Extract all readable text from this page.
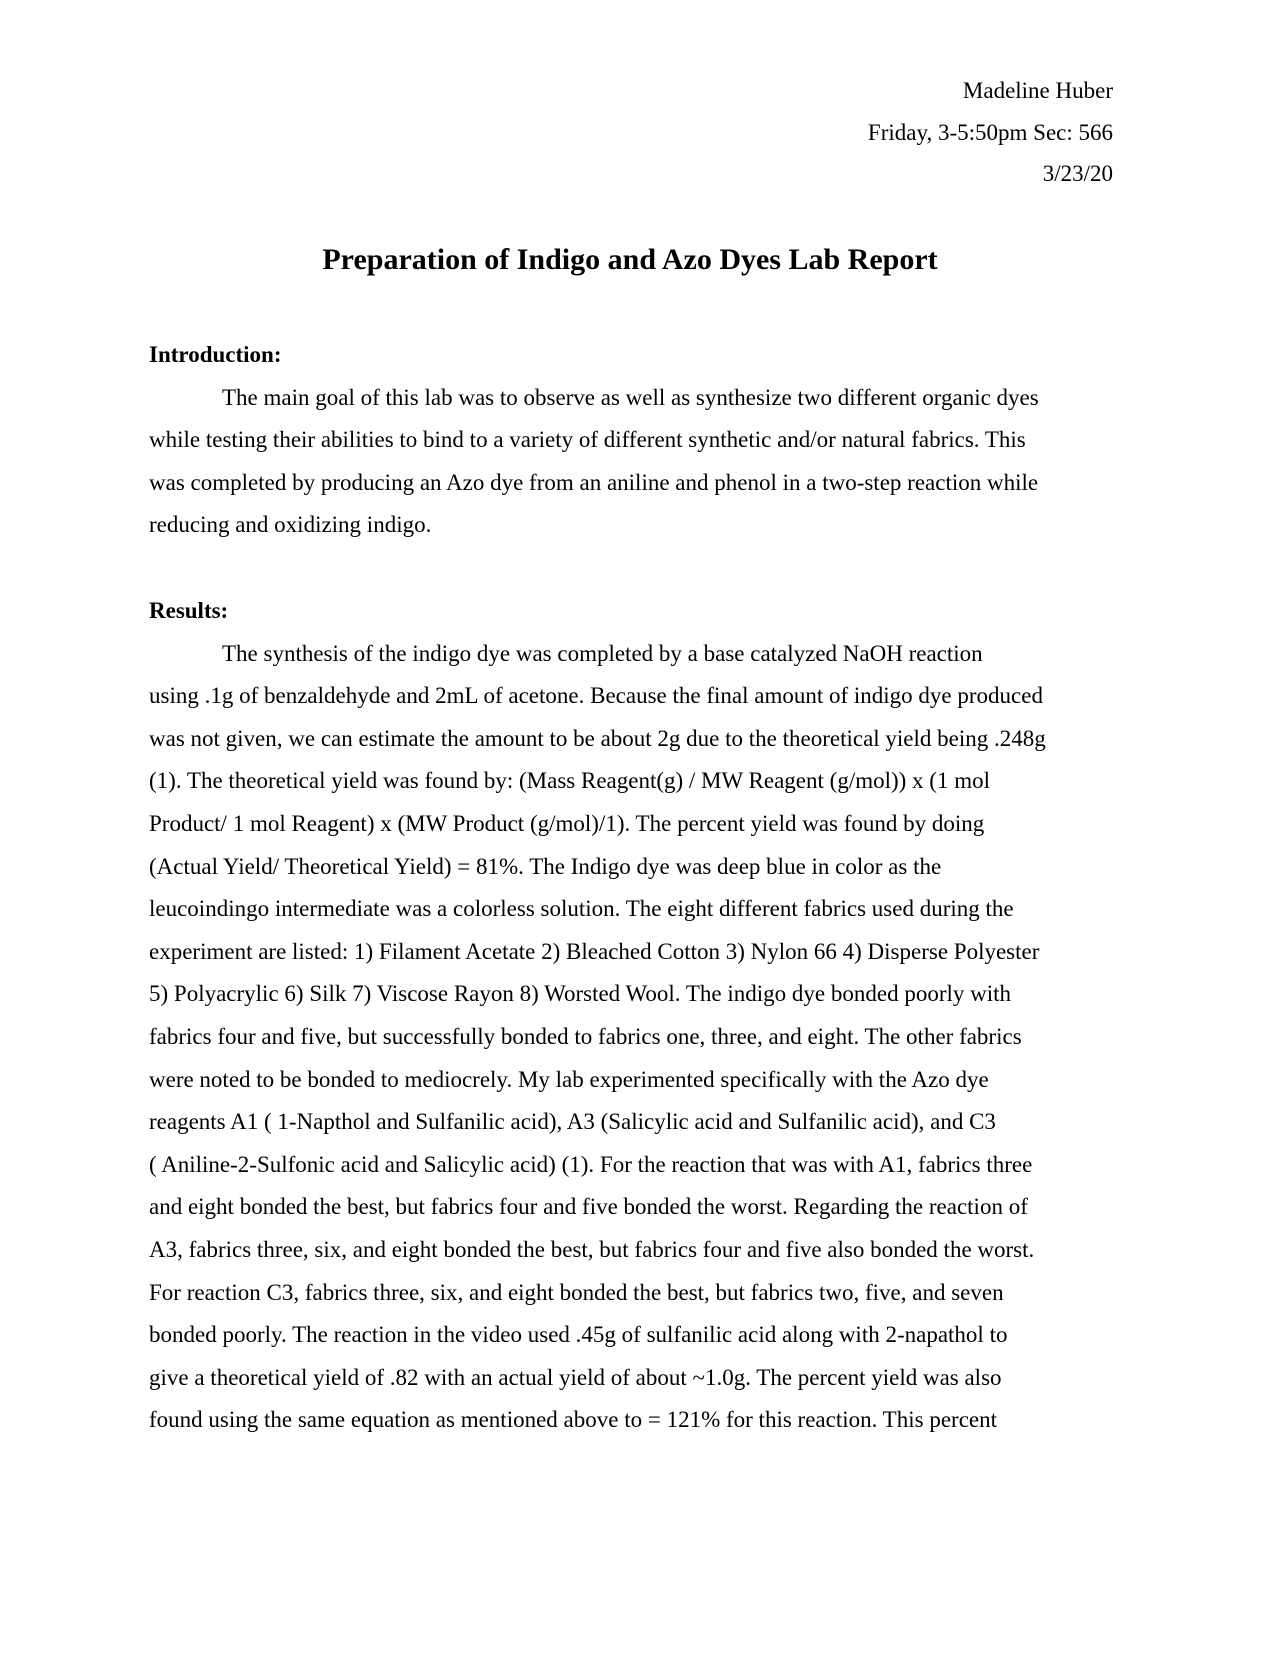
Madeline Huber
Friday, 3-5:50pm Sec: 566
3/23/20
Preparation of Indigo and Azo Dyes Lab Report
Introduction:
The main goal of this lab was to observe as well as synthesize two different organic dyes
while testing their abilities to bind to a variety of different synthetic and/or natural fabrics. This
was completed by producing an Azo dye from an aniline and phenol in a two-step reaction while
reducing and oxidizing indigo.
Results:
The synthesis of the indigo dye was completed by a base catalyzed NaOH reaction
using .1g of benzaldehyde and 2mL of acetone. Because the final amount of indigo dye produced
was not given, we can estimate the amount to be about 2g due to the theoretical yield being .248g
(1). The theoretical yield was found by: (Mass Reagent(g) / MW Reagent (g/mol)) x (1 mol
Product/ 1 mol Reagent) x (MW Product (g/mol)/1). The percent yield was found by doing
(Actual Yield/ Theoretical Yield) = 81%. The Indigo dye was deep blue in color as the
leucoindingo intermediate was a colorless solution. The eight different fabrics used during the
experiment are listed: 1) Filament Acetate 2) Bleached Cotton 3) Nylon 66 4) Disperse Polyester
5) Polyacrylic 6) Silk 7) Viscose Rayon 8) Worsted Wool. The indigo dye bonded poorly with
fabrics four and five, but successfully bonded to fabrics one, three, and eight. The other fabrics
were noted to be bonded to mediocrely. My lab experimented specifically with the Azo dye
reagents A1 ( 1-Napthol and Sulfanilic acid), A3 (Salicylic acid and Sulfanilic acid), and C3
( Aniline-2-Sulfonic acid and Salicylic acid) (1). For the reaction that was with A1, fabrics three
and eight bonded the best, but fabrics four and five bonded the worst. Regarding the reaction of
A3, fabrics three, six, and eight bonded the best, but fabrics four and five also bonded the worst.
For reaction C3, fabrics three, six, and eight bonded the best, but fabrics two, five, and seven
bonded poorly. The reaction in the video used .45g of sulfanilic acid along with 2-napathol to
give a theoretical yield of .82 with an actual yield of about ~1.0g. The percent yield was also
found using the same equation as mentioned above to = 121% for this reaction. This percent
